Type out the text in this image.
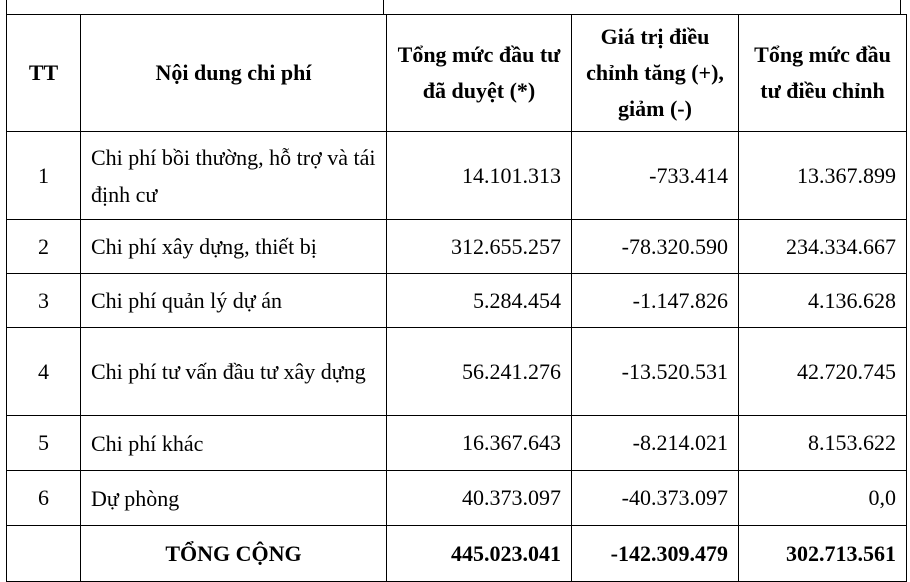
TT	Nội dung chi phí	Tổng mức đầu tư đã duyệt (*)	Giá trị điều chỉnh tăng (+), giảm (-)	Tổng mức đầu tư điều chỉnh
1	Chi phí bồi thường, hỗ trợ và tái định cư	14.101.313	-733.414	13.367.899
2	Chi phí xây dựng, thiết bị	312.655.257	-78.320.590	234.334.667
3	Chi phí quản lý dự án	5.284.454	-1.147.826	4.136.628
4	Chi phí tư vấn đầu tư xây dựng	56.241.276	-13.520.531	42.720.745
5	Chi phí khác	16.367.643	-8.214.021	8.153.622
6	Dự phòng	40.373.097	-40.373.097	0,0
	TỔNG CỘNG	445.023.041	-142.309.479	302.713.561
